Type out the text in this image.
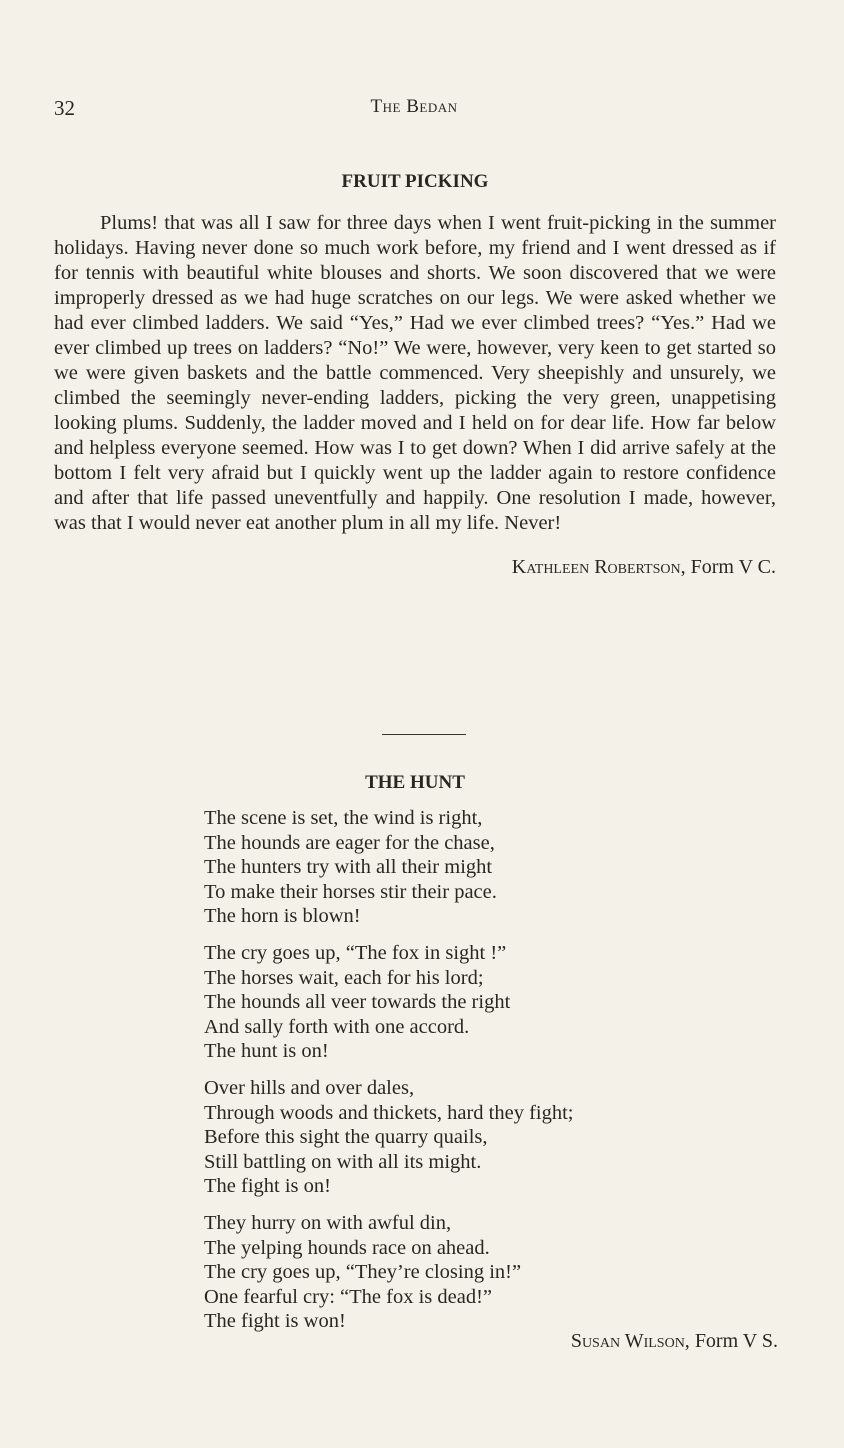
32	The Bedan
FRUIT PICKING

Plums! that was all I saw for three days when I went fruit-picking in the summer holidays. Having never done so much work before, my friend and I went dressed as if for tennis with beautiful white blouses and shorts. We soon discovered that we were improperly dressed as we had huge scratches on our legs. We were asked whether we had ever climbed ladders. We said “Yes,” Had we ever climbed trees? “Yes.” Had we ever climbed up trees on ladders? “No!” We were, however, very keen to get started so we were given baskets and the battle commenced. Very sheepishly and unsurely, we climbed the seemingly never-ending ladders, picking the very green, unappetising looking plums. Suddenly, the ladder moved and I held on for dear life. How far below and helpless everyone seemed. How was I to get down? When I did arrive safely at the bottom I felt very afraid but I quickly went up the ladder again to restore confidence and after that life passed uneventfully and happily. One resolution I made, however, was that I would never eat another plum in all my life. Never!

Kathleen Robertson, Form V C.
THE HUNT
The scene is set, the wind is right,
The hounds are eager for the chase,
The hunters try with all their might
To make their horses stir their pace.
The horn is blown!
The cry goes up, “The fox in sight !”
The horses wait, each for his lord;
The hounds all veer towards the right
And sally forth with one accord.
The hunt is on!
Over hills and over dales,
Through woods and thickets, hard they fight;
Before this sight the quarry quails,
Still battling on with all its might.
The fight is on!
They hurry on with awful din,
The yelping hounds race on ahead.
The cry goes up, “They’re closing in!”
One fearful cry: “The fox is dead!”
The fight is won!
Susan Wilson, Form V S.
